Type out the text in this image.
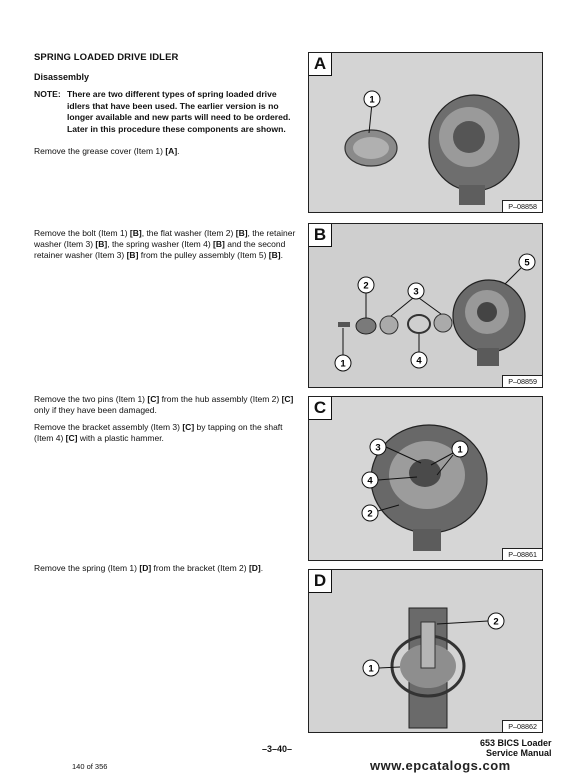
SPRING LOADED DRIVE IDLER
Disassembly
NOTE: There are two different types of spring loaded drive idlers that have been used. The earlier version is no longer available and new parts will need to be ordered. Later in this procedure these components are shown.
Remove the grease cover (Item 1) [A].
Remove the bolt (Item 1) [B], the flat washer (Item 2) [B], the retainer washer (Item 3) [B], the spring washer (Item 4) [B] and the second retainer washer (Item 3) [B] from the pulley assembly (Item 5) [B].
Remove the two pins (Item 1) [C] from the hub assembly (Item 2) [C] only if they have been damaged.
Remove the bracket assembly (Item 3) [C] by tapping on the shaft (Item 4) [C] with a plastic hammer.
Remove the spring (Item 1) [D] from the bracket (Item 2) [D].
A
1
P–08858
B
1
2
3
4
5
P–08859
C
3	1
4
2
P–08861
D
2
1
P–08862
–3–40–
653 BICS Loader
Service Manual
140 of 356	www.epcatalogs.com
